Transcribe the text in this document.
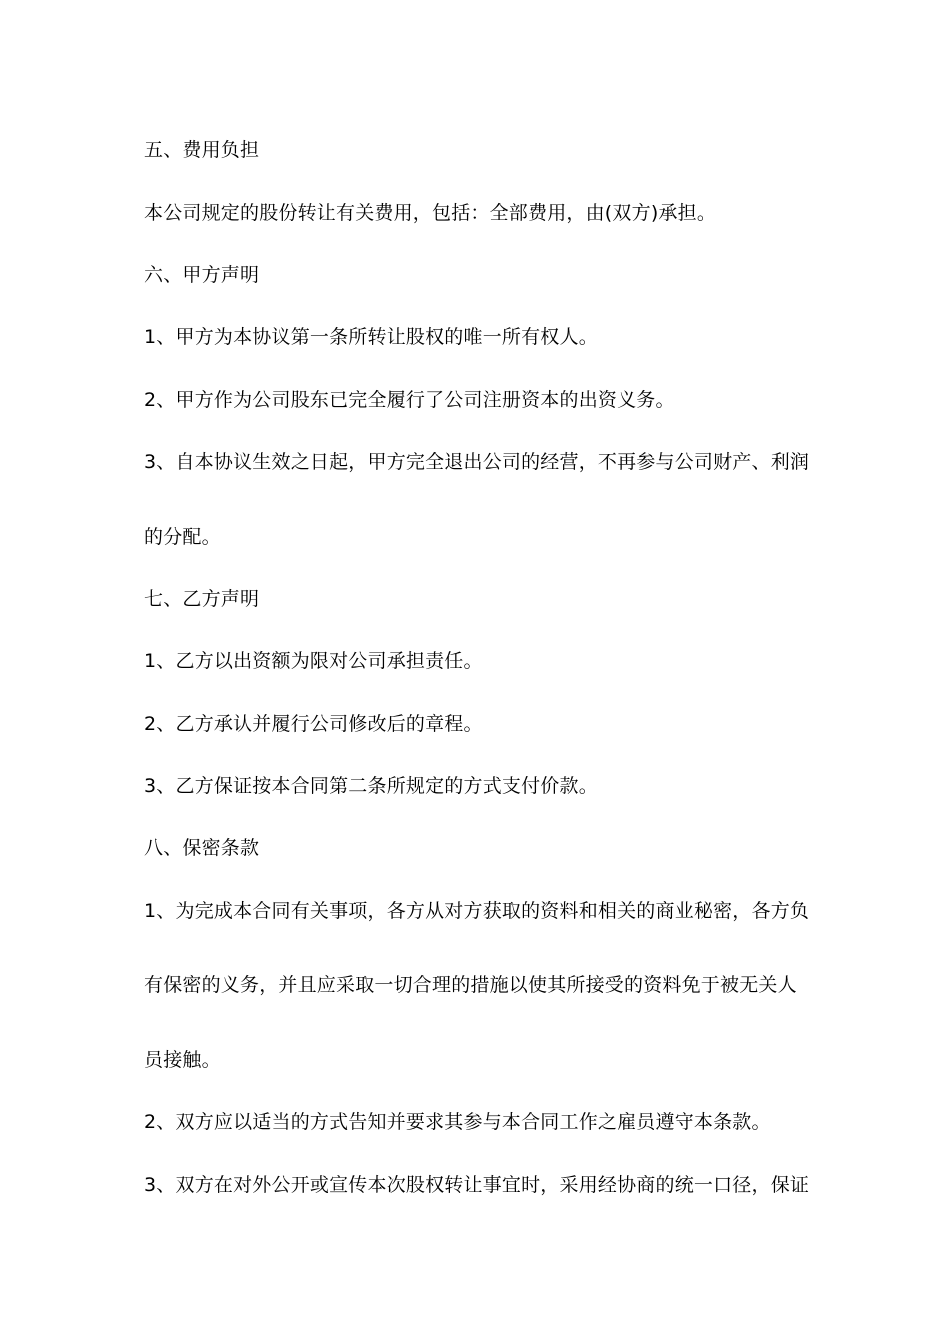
五、费用负担
本公司规定的股份转让有关费用，包括：全部费用，由(双方)承担。
六、甲方声明
1、甲方为本协议第一条所转让股权的唯一所有权人。
2、甲方作为公司股东已完全履行了公司注册资本的出资义务。
3、自本协议生效之日起，甲方完全退出公司的经营，不再参与公司财产、利润
的分配。
七、乙方声明
1、乙方以出资额为限对公司承担责任。
2、乙方承认并履行公司修改后的章程。
3、乙方保证按本合同第二条所规定的方式支付价款。
八、保密条款
1、为完成本合同有关事项，各方从对方获取的资料和相关的商业秘密，各方负
有保密的义务，并且应采取一切合理的措施以使其所接受的资料免于被无关人
员接触。
2、双方应以适当的方式告知并要求其参与本合同工作之雇员遵守本条款。
3、双方在对外公开或宣传本次股权转让事宜时，采用经协商的统一口径，保证
